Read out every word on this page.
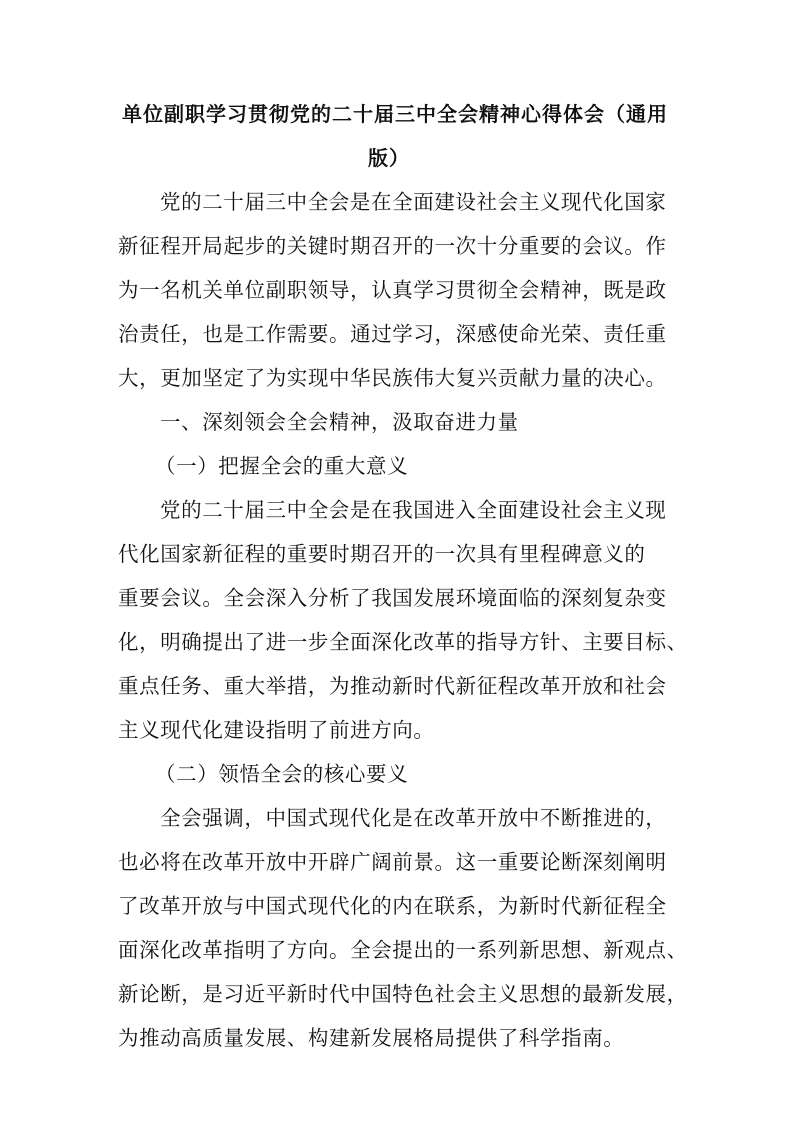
单位副职学习贯彻党的二十届三中全会精神心得体会（通用
版）
党的二十届三中全会是在全面建设社会主义现代化国家
新征程开局起步的关键时期召开的一次十分重要的会议。作
为一名机关单位副职领导，认真学习贯彻全会精神，既是政
治责任，也是工作需要。通过学习，深感使命光荣、责任重
大，更加坚定了为实现中华民族伟大复兴贡献力量的决心。
一、深刻领会全会精神，汲取奋进力量
（一）把握全会的重大意义
党的二十届三中全会是在我国进入全面建设社会主义现
代化国家新征程的重要时期召开的一次具有里程碑意义的
重要会议。全会深入分析了我国发展环境面临的深刻复杂变
化，明确提出了进一步全面深化改革的指导方针、主要目标、
重点任务、重大举措，为推动新时代新征程改革开放和社会
主义现代化建设指明了前进方向。
（二）领悟全会的核心要义
全会强调，中国式现代化是在改革开放中不断推进的，
也必将在改革开放中开辟广阔前景。这一重要论断深刻阐明
了改革开放与中国式现代化的内在联系，为新时代新征程全
面深化改革指明了方向。全会提出的一系列新思想、新观点、
新论断，是习近平新时代中国特色社会主义思想的最新发展，
为推动高质量发展、构建新发展格局提供了科学指南。
